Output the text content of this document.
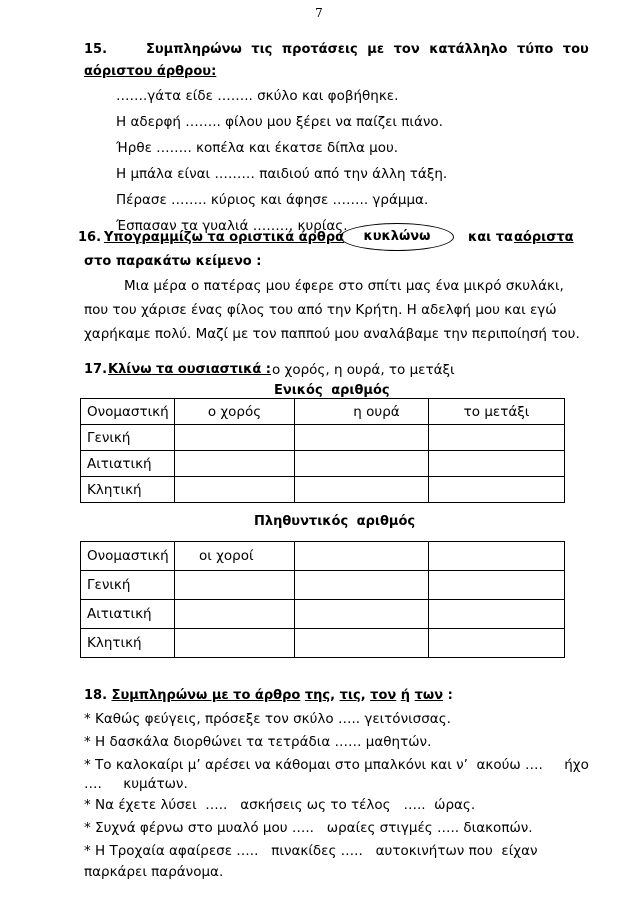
7
15.	Συμπληρώνω τις προτάσεις με τον κατάλληλο τύπο του
αόριστου άρθρου:
…….γάτα είδε …….. σκύλο και φοβήθηκε.
Η αδερφή …….. φίλου μου ξέρει να παίζει πιάνο.
Ήρθε …….. κοπέλα και έκατσε δίπλα μου.
Η μπάλα είναι ……… παιδιού από την άλλη τάξη.
Πέρασε …….. κύριος και άφησε …….. γράμμα.
Έσπασαν τα γυαλιά ……… κυρίας.
16. Υπογραμμίζω τα οριστικά άρθρα	κυκλώνω	και τα αόριστα
στο παρακάτω κείμενο :
Μια μέρα ο πατέρας μου έφερε στο σπίτι μας ένα μικρό σκυλάκι,
που του χάρισε ένας φίλος του από την Κρήτη. Η αδελφή μου και εγώ
χαρήκαμε πολύ. Μαζί με τον παππού μου αναλάβαμε την περιποίησή του.
17. Κλίνω τα ουσιαστικά : ο χορός, η ουρά, το μετάξι
Ενικός αριθμός
Ονομαστική	ο χορός	η ουρά	το μετάξι
Γενική			
Αιτιατική			
Κλητική			
Πληθυντικός αριθμός
Ονομαστική	οι χοροί		
Γενική			
Αιτιατική			
Κλητική			
18. Συμπληρώνω με το άρθρο της, τις, τον ή των :
* Καθώς φεύγεις, πρόσεξε τον σκύλο ….. γειτόνισσας.
* Η δασκάλα διορθώνει τα τετράδια …… μαθητών.
* Το καλοκαίρι μ’ αρέσει να κάθομαι στο μπαλκόνι και ν’  ακούω ….     ήχο
….     κυμάτων.
* Να έχετε λύσει  …..   ασκήσεις ως το τέλος   …..  ώρας.
* Συχνά φέρνω στο μυαλό μου …..   ωραίες στιγμές ….. διακοπών.
* Η Τροχαία αφαίρεσε …..   πινακίδες …..   αυτοκινήτων που  είχαν
παρκάρει παράνομα.
